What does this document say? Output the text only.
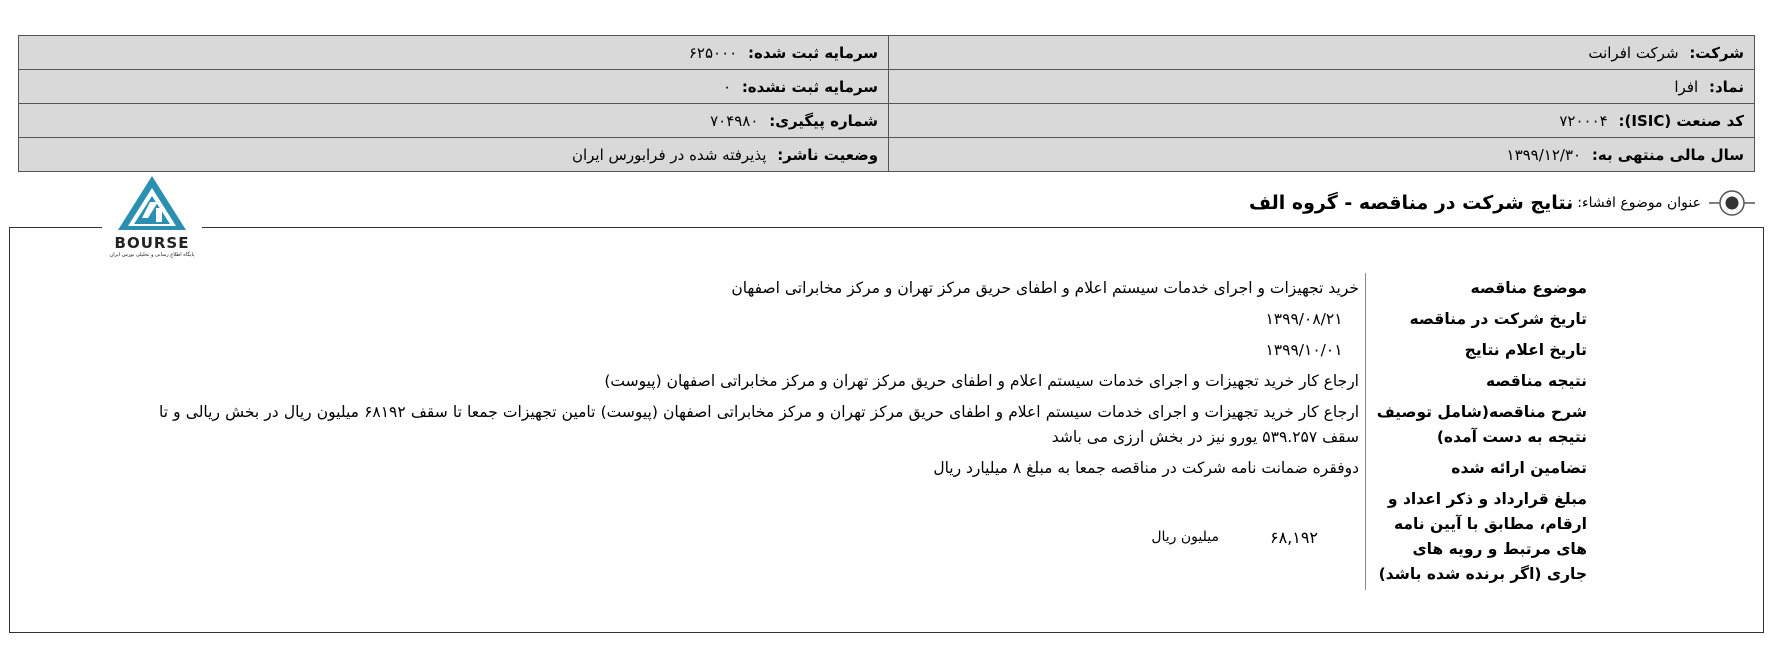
شرکت: شرکت افرانت	سرمایه ثبت شده: ۶۲۵۰۰۰
نماد: افرا	سرمایه ثبت نشده: ۰
کد صنعت (ISIC): ۷۲۰۰۰۴	شماره پیگیری: ۷۰۴۹۸۰
سال مالی منتهی به: ۱۳۹۹/۱۲/۳۰	وضعیت ناشر: پذیرفته شده در فرابورس ایران
عنوان موضوع افشاء:
نتایج شرکت در مناقصه - گروه الف
موضوع مناقصه	خرید تجهیزات و اجرای خدمات سیستم اعلام و اطفای حریق مرکز تهران و مرکز مخابراتی اصفهان
تاریخ شرکت در مناقصه	۱۳۹۹/۰۸/۲۱
تاریخ اعلام نتایج	۱۳۹۹/۱۰/۰۱
نتیجه مناقصه	ارجاع کار خرید تجهیزات و اجرای خدمات سیستم اعلام و اطفای حریق مرکز تهران و مرکز مخابراتی اصفهان (پیوست)
شرح مناقصه(شامل توصیف نتیجه به دست آمده)	ارجاع کار خرید تجهیزات و اجرای خدمات سیستم اعلام و اطفای حریق مرکز تهران و مرکز مخابراتی اصفهان (پیوست) تامین تجهیزات جمعا تا سقف ۶۸۱۹۲ میلیون ریال در بخش ریالی و تا سقف ۵۳۹.۲۵۷ یورو نیز در بخش ارزی می باشد
تضامین ارائه شده	دوفقره ضمانت نامه شرکت در مناقصه جمعا به مبلغ ۸ میلیارد ریال
مبلغ قرارداد و ذکر اعداد و ارقام، مطابق با آیین نامه های مرتبط و رویه های جاری (اگر برنده شده باشد)	۶۸,۱۹۲
میلیون ریال
BOURSE
پایگاه اطلاع رسانی و تحلیلی بورس ایران
